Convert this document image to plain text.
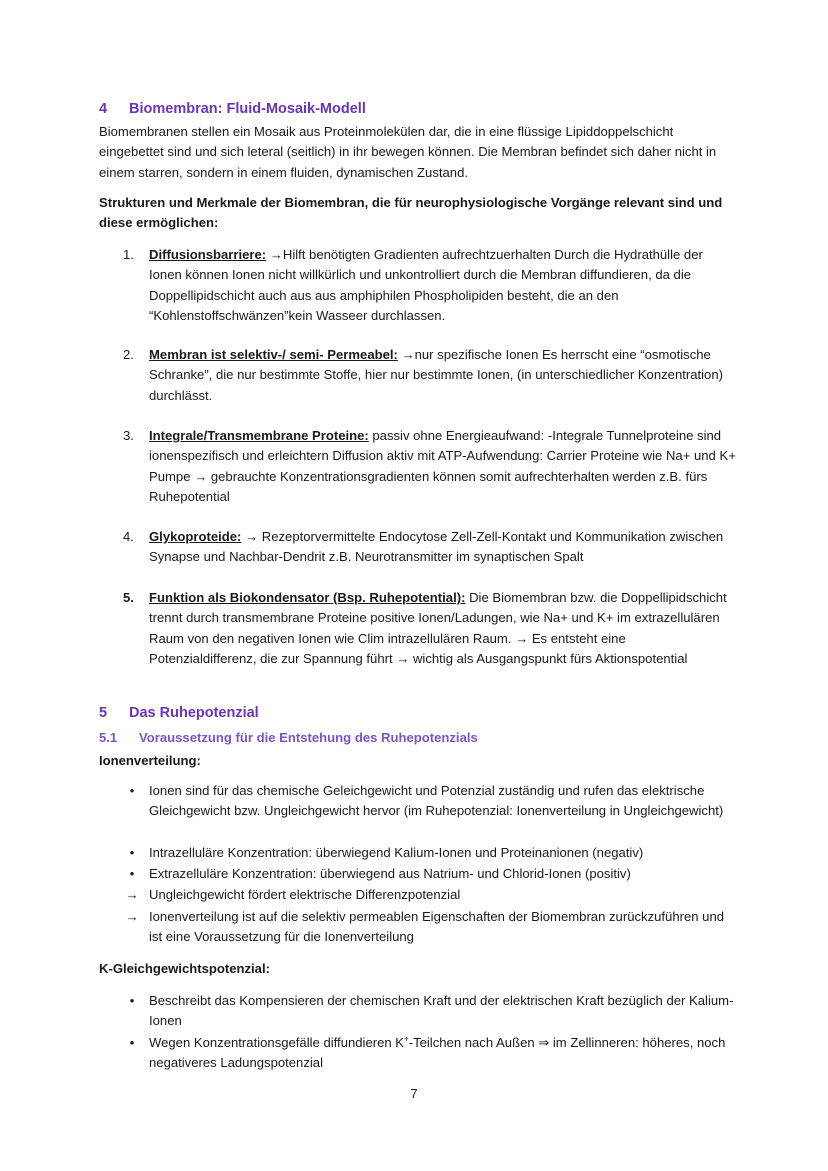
4 Biomembran: Fluid-Mosaik-Modell
Biomembranen stellen ein Mosaik aus Proteinmolekülen dar, die in eine flüssige Lipiddoppelschicht eingebettet sind und sich leteral (seitlich) in ihr bewegen können. Die Membran befindet sich daher nicht in einem starren, sondern in einem fluiden, dynamischen Zustand.
Strukturen und Merkmale der Biomembran, die für neurophysiologische Vorgänge relevant sind und diese ermöglichen:
1. Diffusionsbarriere: →Hilft benötigten Gradienten aufrechtzuerhalten Durch die Hydrathülle der Ionen können Ionen nicht willkürlich und unkontrolliert durch die Membran diffundieren, da die Doppellipidschicht auch aus aus amphiphilen Phospholipiden besteht, die an den “Kohlenstoffschwänzen”kein Wasseer durchlassen.
2. Membran ist selektiv-/ semi- Permeabel: →nur spezifische Ionen Es herrscht eine “osmotische Schranke”, die nur bestimmte Stoffe, hier nur bestimmte Ionen, (in unterschiedlicher Konzentration) durchlässt.
3. Integrale/Transmembrane Proteine: passiv ohne Energieaufwand: -Integrale Tunnelproteine sind ionenspezifisch und erleichtern Diffusion aktiv mit ATP-Aufwendung: Carrier Proteine wie Na+ und K+ Pumpe → gebrauchte Konzentrationsgradienten können somit aufrechterhalten werden z.B. fürs Ruhepotential
4. Glykoproteide: → Rezeptorvermittelte Endocytose Zell-Zell-Kontakt und Kommunikation zwischen Synapse und Nachbar-Dendrit z.B. Neurotransmitter im synaptischen Spalt
5. Funktion als Biokondensator (Bsp. Ruhepotential): Die Biomembran bzw. die Doppellipidschicht trennt durch transmembrane Proteine positive Ionen/Ladungen, wie Na+ und K+ im extrazellulären Raum von den negativen Ionen wie Clim intrazellulären Raum. → Es entsteht eine Potenzialdifferenz, die zur Spannung führt → wichtig als Ausgangspunkt fürs Aktionspotential
5 Das Ruhepotenzial
5.1 Voraussetzung für die Entstehung des Ruhepotenzials
Ionenverteilung:
•	Ionen sind für das chemische Geleichgewicht und Potenzial zuständig und rufen das elektrische Gleichgewicht bzw. Ungleichgewicht hervor (im Ruhepotenzial: Ionenverteilung in Ungleichgewicht)
•	Intrazelluläre Konzentration: überwiegend Kalium-Ionen und Proteinanionen (negativ)
•	Extrazelluläre Konzentration: überwiegend aus Natrium- und Chlorid-Ionen (positiv)
→ Ungleichgewicht fördert elektrische Differenzpotenzial
→ Ionenverteilung ist auf die selektiv permeablen Eigenschaften der Biomembran zurückzuführen und ist eine Voraussetzung für die Ionenverteilung
K-Gleichgewichtspotenzial:
•	Beschreibt das Kompensieren der chemischen Kraft und der elektrischen Kraft bezüglich der Kalium-Ionen
•	Wegen Konzentrationsgefälle diffundieren K+-Teilchen nach Außen ⇒ im Zellinneren: höheres, noch negativeres Ladungspotenzial
7
